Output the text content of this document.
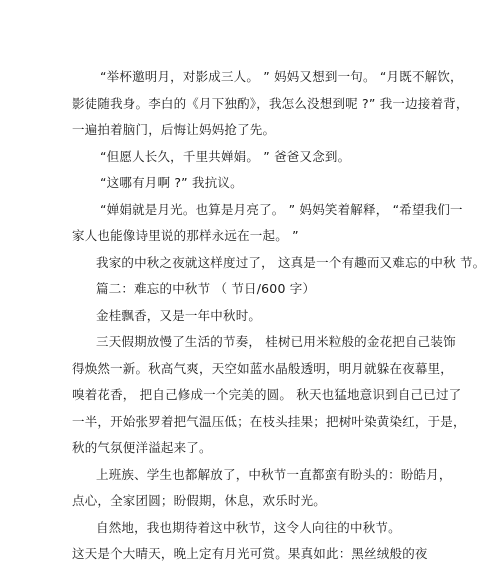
“举杯邀明月，对影成三人。 ” 妈妈又想到一句。 “月既不解饮，
影徒随我身。李白的《月下独酌》，我怎么没想到呢 ?” 我一边接着背，
一遍拍着脑门，后悔让妈妈抢了先。
“但愿人长久，千里共婵娟。 ” 爸爸又念到。
“这哪有月啊 ?” 我抗议。
“婵娟就是月光。也算是月亮了。 ” 妈妈笑着解释， “希望我们一
家人也能像诗里说的那样永远在一起。 ”
我家的中秋之夜就这样度过了， 这真是一个有趣而又难忘的中秋 节。
篇二：难忘的中秋节 （ 节日/600 字）
金桂飘香，又是一年中秋时。
三天假期放慢了生活的节奏， 桂树已用米粒般的金花把自己装饰
得焕然一新。秋高气爽，天空如蓝水晶般透明，明月就躲在夜幕里，
嗅着花香， 把自己修成一个完美的圆。 秋天也猛地意识到自己已过了
一半，开始张罗着把气温压低；在枝头挂果；把树叶染黄染红，于是，
秋的气氛便洋溢起来了。
上班族、学生也都解放了，中秋节一直都蛮有盼头的：盼皓月，
点心，全家团圆；盼假期，休息，欢乐时光。
自然地，我也期待着这中秋节，这令人向往的中秋节。
这天是个大晴天，晚上定有月光可赏。果真如此：黑丝绒般的夜
